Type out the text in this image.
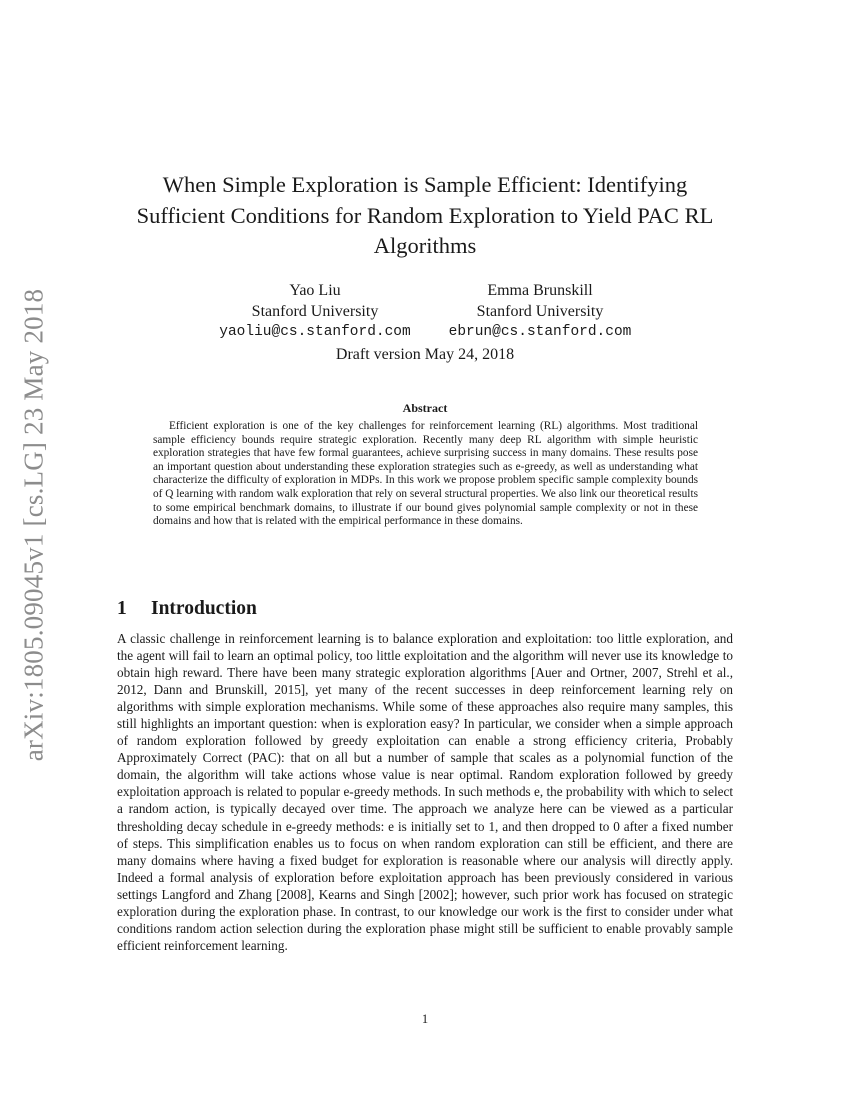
arXiv:1805.09045v1 [cs.LG] 23 May 2018
When Simple Exploration is Sample Efficient: Identifying Sufficient Conditions for Random Exploration to Yield PAC RL Algorithms
Yao Liu
Stanford University
yaoliu@cs.stanford.com
Emma Brunskill
Stanford University
ebrun@cs.stanford.com
Draft version May 24, 2018
Abstract

Efficient exploration is one of the key challenges for reinforcement learning (RL) algorithms. Most traditional sample efficiency bounds require strategic exploration. Recently many deep RL algorithm with simple heuristic exploration strategies that have few formal guarantees, achieve surprising success in many domains. These results pose an important question about understanding these exploration strategies such as e-greedy, as well as understanding what characterize the difficulty of exploration in MDPs. In this work we propose problem specific sample complexity bounds of Q learning with random walk exploration that rely on several structural properties. We also link our theoretical results to some empirical benchmark domains, to illustrate if our bound gives polynomial sample complexity or not in these domains and how that is related with the empirical performance in these domains.

1 Introduction

A classic challenge in reinforcement learning is to balance exploration and exploitation: too little exploration, and the agent will fail to learn an optimal policy, too little exploitation and the algorithm will never use its knowledge to obtain high reward. There have been many strategic exploration algorithms [Auer and Ortner, 2007, Strehl et al., 2012, Dann and Brunskill, 2015], yet many of the recent successes in deep reinforcement learning rely on algorithms with simple exploration mechanisms. While some of these approaches also require many samples, this still highlights an important question: when is exploration easy? In particular, we consider when a simple approach of random exploration followed by greedy exploitation can enable a strong efficiency criteria, Probably Approximately Correct (PAC): that on all but a number of sample that scales as a polynomial function of the domain, the algorithm will take actions whose value is near optimal. Random exploration followed by greedy exploitation approach is related to popular e-greedy methods. In such methods e, the probability with which to select a random action, is typically decayed over time. The approach we analyze here can be viewed as a particular thresholding decay schedule in e-greedy methods: e is initially set to 1, and then dropped to 0 after a fixed number of steps. This simplification enables us to focus on when random exploration can still be efficient, and there are many domains where having a fixed budget for exploration is reasonable where our analysis will directly apply. Indeed a formal analysis of exploration before exploitation approach has been previously considered in various settings Langford and Zhang [2008], Kearns and Singh [2002]; however, such prior work has focused on strategic exploration during the exploration phase. In contrast, to our knowledge our work is the first to consider under what conditions random action selection during the exploration phase might still be sufficient to enable provably sample efficient reinforcement learning.

1
